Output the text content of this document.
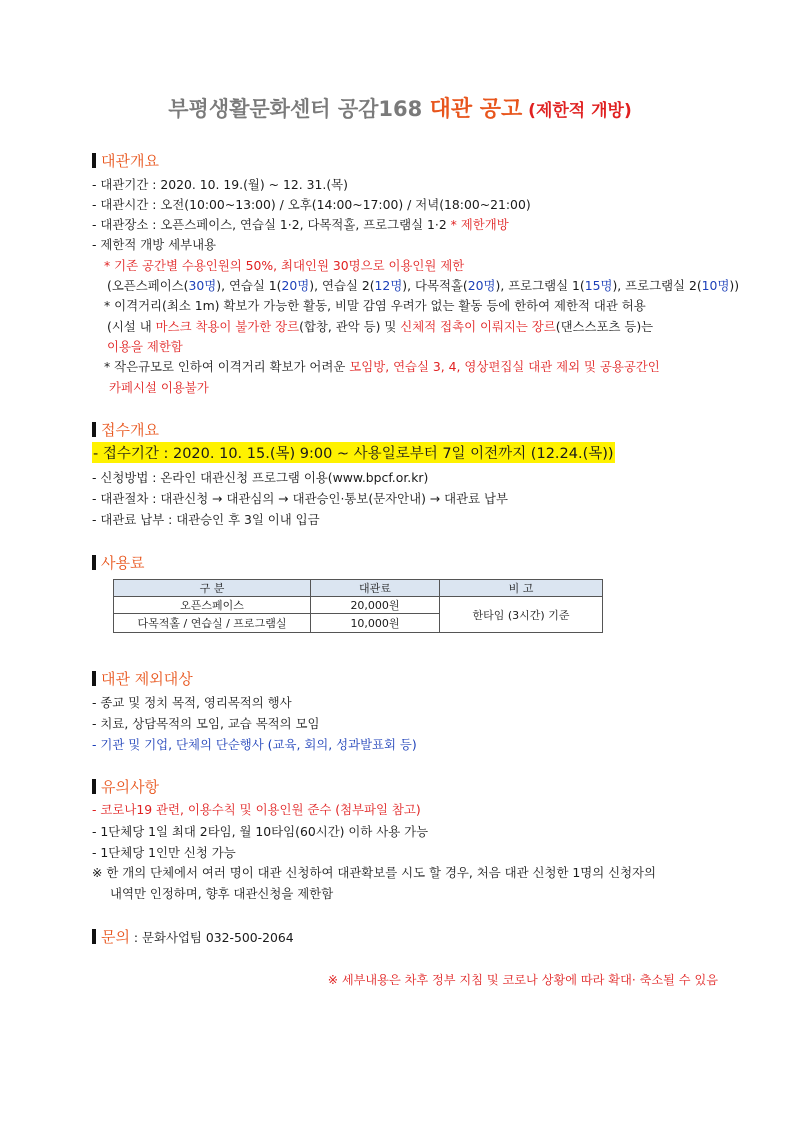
부평생활문화센터 공감168 대관 공고 (제한적 개방)
대관개요
- 대관기간 : 2020. 10. 19.(월) ~ 12. 31.(목)
- 대관시간 : 오전(10:00~13:00) / 오후(14:00~17:00) / 저녁(18:00~21:00)
- 대관장소 : 오픈스페이스, 연습실 1·2, 다목적홀, 프로그램실 1·2 * 제한개방
- 제한적 개방 세부내용
* 기존 공간별 수용인원의 50%, 최대인원 30명으로 이용인원 제한
(오픈스페이스(30명), 연습실 1(20명), 연습실 2(12명), 다목적홀(20명), 프로그램실 1(15명), 프로그램실 2(10명))
* 이격거리(최소 1m) 확보가 가능한 활동, 비말 감염 우려가 없는 활동 등에 한하여 제한적 대관 허용
(시설 내 마스크 착용이 불가한 장르(합창, 관악 등) 및 신체적 접촉이 이뤄지는 장르(댄스스포츠 등)는
이용을 제한함
* 작은규모로 인하여 이격거리 확보가 어려운 모임방, 연습실 3, 4, 영상편집실 대관 제외 및 공용공간인
카페시설 이용불가
접수개요
- 접수기간 : 2020. 10. 15.(목) 9:00 ~ 사용일로부터 7일 이전까지 (12.24.(목))
- 신청방법 : 온라인 대관신청 프로그램 이용(www.bpcf.or.kr)
- 대관절차 : 대관신청 → 대관심의 → 대관승인·통보(문자안내) → 대관료 납부
- 대관료 납부 : 대관승인 후 3일 이내 입금
사용료
구 분	대관료	비 고
오픈스페이스	20,000원	한타임 (3시간) 기준
다목적홀 / 연습실 / 프로그램실	10,000원	
대관 제외대상
- 종교 및 정치 목적, 영리목적의 행사
- 치료, 상담목적의 모임, 교습 목적의 모임
- 기관 및 기업, 단체의 단순행사 (교육, 회의, 성과발표회 등)
유의사항
- 코로나19 관련, 이용수칙 및 이용인원 준수 (첨부파일 참고)
- 1단체당 1일 최대 2타임, 월 10타임(60시간) 이하 사용 가능
- 1단체당 1인만 신청 가능
※ 한 개의 단체에서 여러 명이 대관 신청하여 대관확보를 시도 할 경우, 처음 대관 신청한 1명의 신청자의
내역만 인정하며, 향후 대관신청을 제한함
문의 : 문화사업팀 032-500-2064
※ 세부내용은 차후 정부 지침 및 코로나 상황에 따라 확대· 축소될 수 있음
